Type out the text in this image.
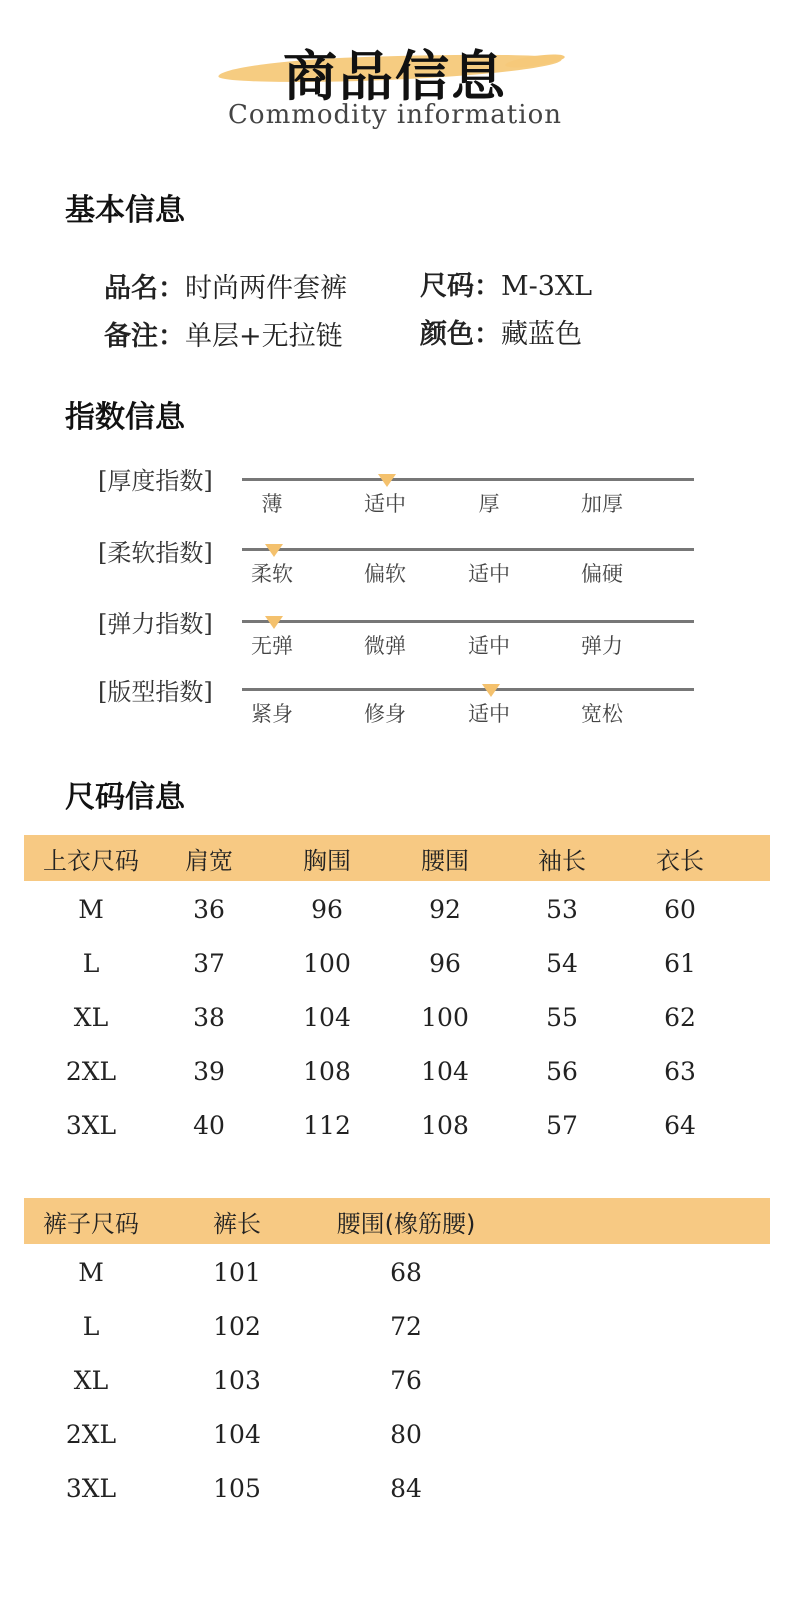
商品信息
Commodity information
基本信息
品名：时尚两件套裤	尺码：M-3XL
备注：单层+无拉链	颜色：藏蓝色
指数信息
[厚度指数]
薄	适中	厚	加厚
[柔软指数]
柔软	偏软	适中	偏硬
[弹力指数]
无弹	微弹	适中	弹力
[版型指数]
紧身	修身	适中	宽松
尺码信息
上衣尺码	肩宽	胸围	腰围	袖长	衣长
M	36	96	92	53	60
L	37	100	96	54	61
XL	38	104	100	55	62
2XL	39	108	104	56	63
3XL	40	112	108	57	64
裤子尺码	裤长	腰围(橡筋腰)
M	101	68
L	102	72
XL	103	76
2XL	104	80
3XL	105	84
